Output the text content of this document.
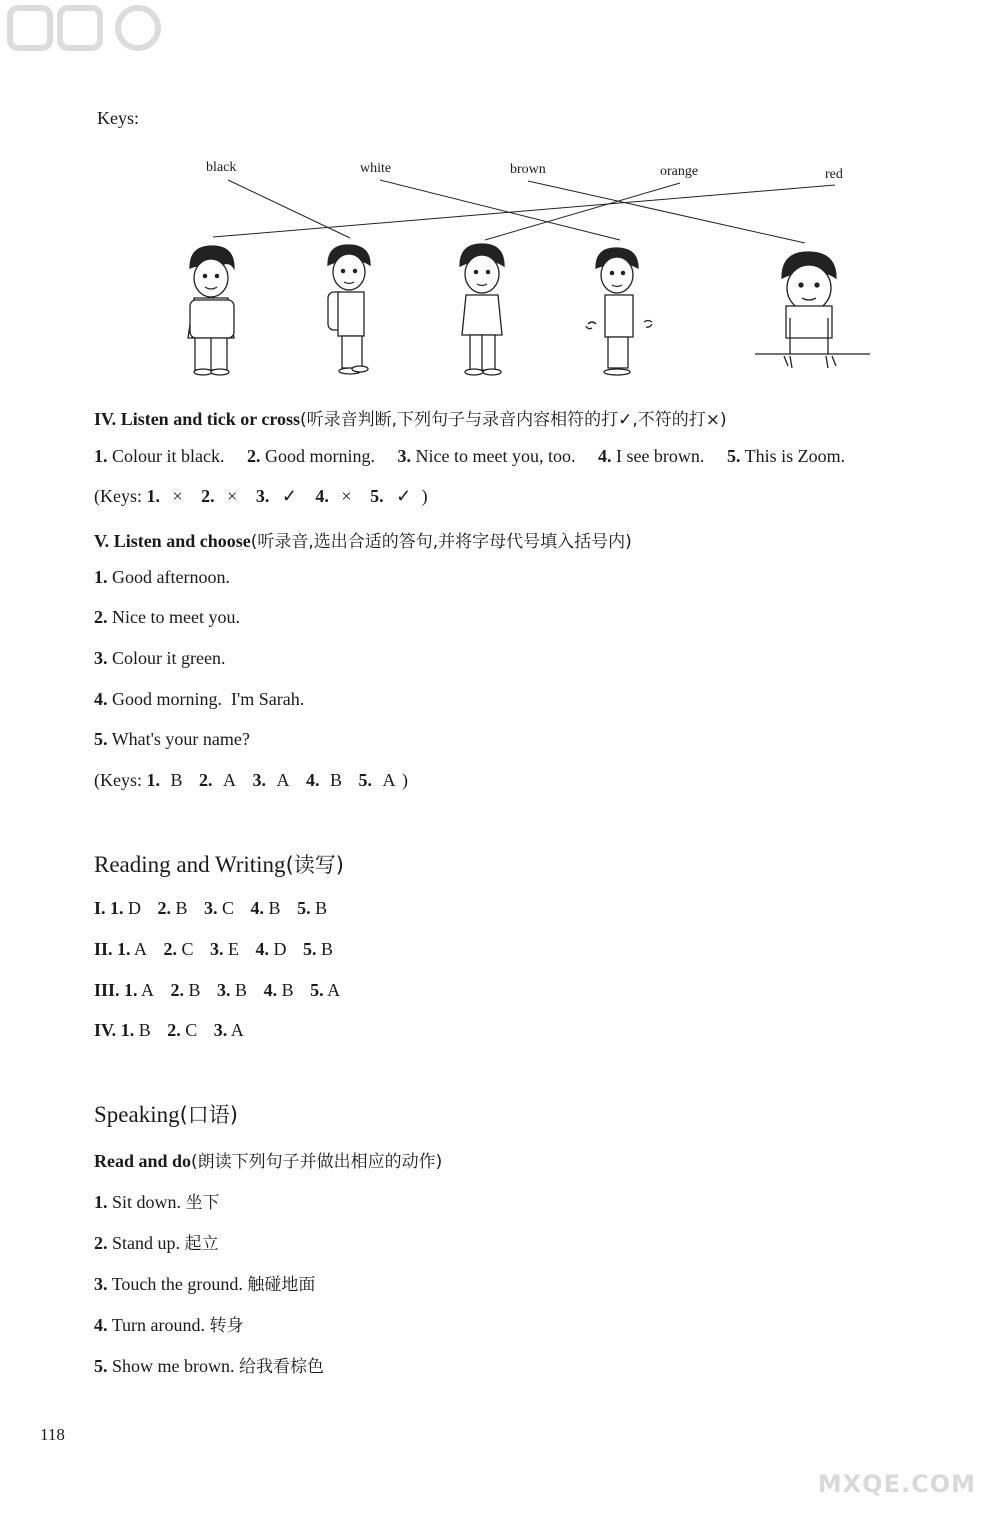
Keys:
black	white	brown	orange	red
IV. Listen and tick or cross(听录音判断,下列句子与录音内容相符的打✓,不符的打×)
1. Colour it black. 2. Good morning. 3. Nice to meet you, too. 4. I see brown. 5. This is Zoom.
(Keys: 1. × 2. × 3. ✓ 4. × 5. ✓ )
V. Listen and choose(听录音,选出合适的答句,并将字母代号填入括号内)
1. Good afternoon.
2. Nice to meet you.
3. Colour it green.
4. Good morning.  I'm Sarah.
5. What's your name?
(Keys: 1. B 2. A 3. A 4. B 5. A )
Reading and Writing(读写)
I. 1. D 2. B 3. C 4. B 5. B
II. 1. A 2. C 3. E 4. D 5. B
III. 1. A 2. B 3. B 4. B 5. A
IV. 1. B 2. C 3. A
Speaking(口语)
Read and do(朗读下列句子并做出相应的动作)
1. Sit down. 坐下
2. Stand up. 起立
3. Touch the ground. 触碰地面
4. Turn around. 转身
5. Show me brown. 给我看棕色
118
MXQE.COM
